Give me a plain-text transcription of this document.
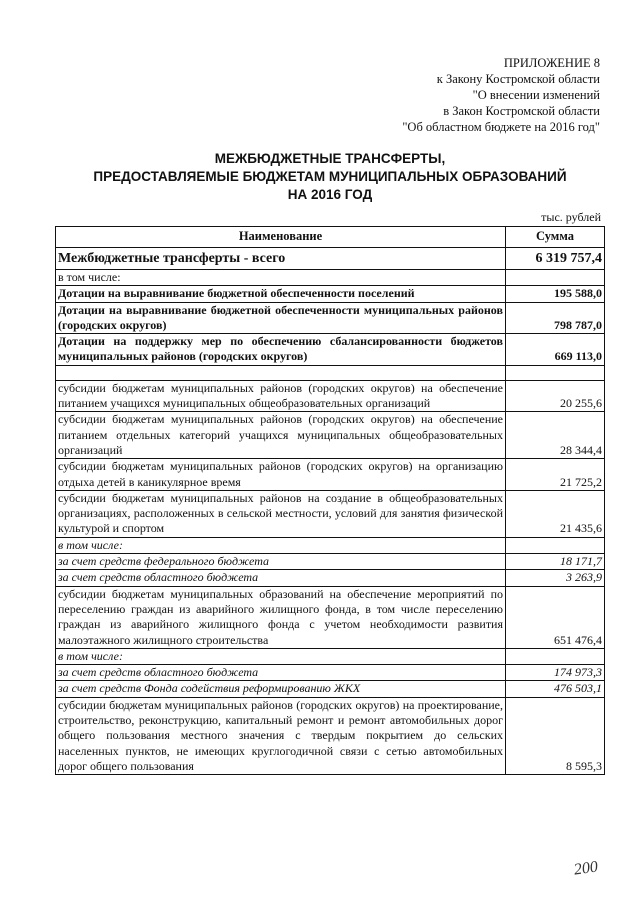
ПРИЛОЖЕНИЕ 8
к Закону Костромской области
"О внесении изменений
в Закон Костромской области
"Об областном бюджете на 2016 год"
МЕЖБЮДЖЕТНЫЕ ТРАНСФЕРТЫ,
ПРЕДОСТАВЛЯЕМЫЕ БЮДЖЕТАМ МУНИЦИПАЛЬНЫХ ОБРАЗОВАНИЙ
НА 2016 ГОД
тыс. рублей
Наименование	Сумма
Межбюджетные трансферты - всего	6 319 757,4
в том числе:	
Дотации на выравнивание бюджетной обеспеченности поселений	195 588,0
Дотации на выравнивание бюджетной обеспеченности муниципальных районов (городских округов)	798 787,0
Дотации на поддержку мер по обеспечению сбалансированности бюджетов муниципальных районов (городских округов)	669 113,0

субсидии бюджетам муниципальных районов (городских округов) на обеспечение питанием учащихся муниципальных общеобразовательных организаций	20 255,6
субсидии бюджетам муниципальных районов (городских округов) на обеспечение питанием отдельных категорий учащихся муниципальных общеобразовательных организаций	28 344,4
субсидии бюджетам муниципальных районов (городских округов) на организацию отдыха детей в каникулярное время	21 725,2
субсидии бюджетам муниципальных районов на создание в общеобразовательных организациях, расположенных в сельской местности, условий для занятия физической культурой и спортом	21 435,6
в том числе:	
за счет средств федерального бюджета	18 171,7
за счет средств областного бюджета	3 263,9
субсидии бюджетам муниципальных образований на обеспечение мероприятий по переселению граждан из аварийного жилищного фонда, в том числе переселению граждан из аварийного жилищного фонда с учетом необходимости развития малоэтажного жилищного строительства	651 476,4
в том числе:	
за счет средств областного бюджета	174 973,3
за счет средств Фонда содействия реформированию ЖКХ	476 503,1
субсидии бюджетам муниципальных районов (городских округов) на проектирование, строительство, реконструкцию, капитальный ремонт и ремонт автомобильных дорог общего пользования местного значения с твердым покрытием до сельских населенных пунктов, не имеющих круглогодичной связи с сетью автомобильных дорог общего пользования	8 595,3
200
